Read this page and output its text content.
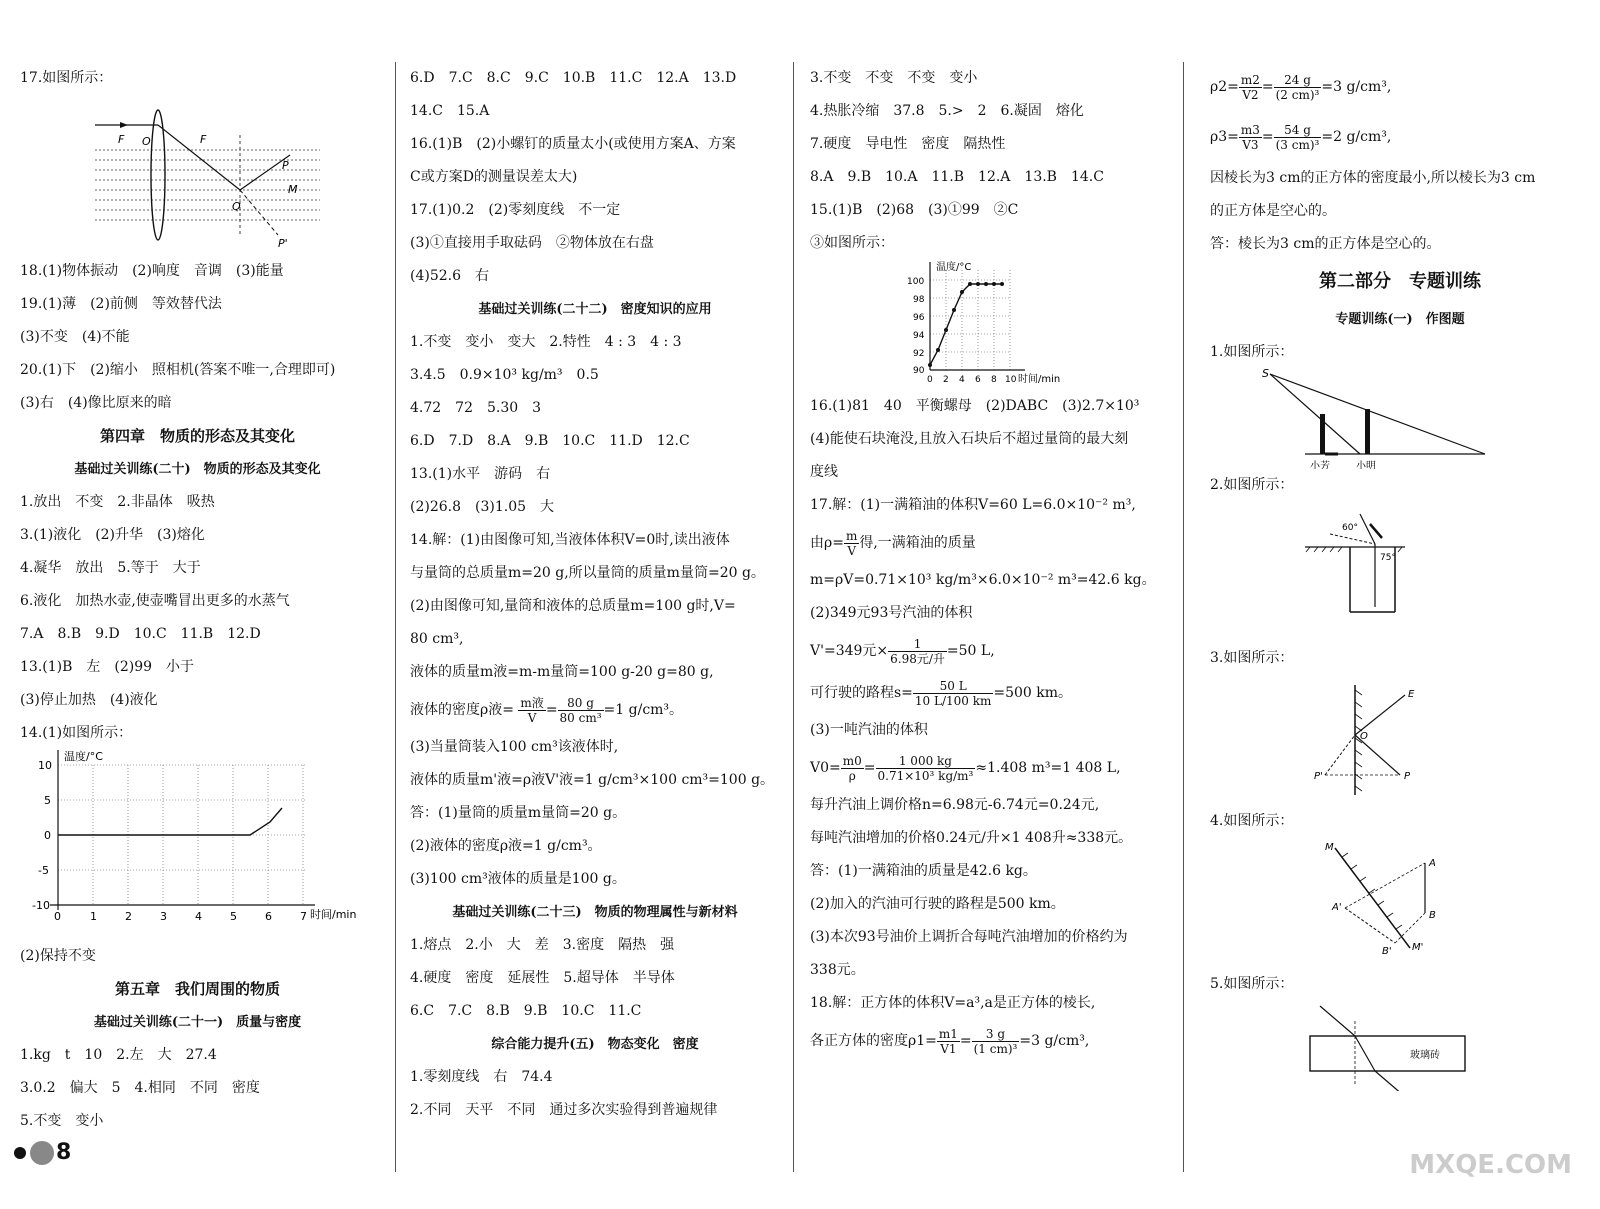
17.如图所示：
F O	F
P
M
Q
P'
18.(1)物体振动　(2)响度　音调　(3)能量
19.(1)薄　(2)前侧　等效替代法
(3)不变　(4)不能
20.(1)下　(2)缩小　照相机(答案不唯一,合理即可)
(3)右　(4)像比原来的暗
第四章　物质的形态及其变化
基础过关训练(二十)　物质的形态及其变化
1.放出　不变　2.非晶体　吸热
3.(1)液化　(2)升华　(3)熔化
4.凝华　放出　5.等于　大于
6.液化　加热水壶,使壶嘴冒出更多的水蒸气
7.A　8.B　9.D　10.C　11.B　12.D
13.(1)B　左　(2)99　小于
(3)停止加热　(4)液化
14.(1)如图所示：
温度/°C
时间/min
10
5
0
-5
-10
0	1	2	3	4	5	6	7
(2)保持不变
第五章　我们周围的物质
基础过关训练(二十一)　质量与密度
1.kg　t　10　2.左　大　27.4
3.0.2　偏大　5　4.相同　不同　密度
5.不变　变小
6.D　7.C　8.C　9.C　10.B　11.C　12.A　13.D
14.C　15.A
16.(1)B　(2)小螺钉的质量太小(或使用方案A、方案
C或方案D的测量误差太大)
17.(1)0.2　(2)零刻度线　不一定
(3)①直接用手取砝码　②物体放在右盘
(4)52.6　右
基础过关训练(二十二)　密度知识的应用
1.不变　变小　变大　2.特性　4 : 3　4 : 3
3.4.5　0.9×10³ kg/m³　0.5
4.72　72　5.30　3
6.D　7.D　8.A　9.B　10.C　11.D　12.C
13.(1)水平　游码　右
(2)26.8　(3)1.05　大
14.解：(1)由图像可知,当液体体积V=0时,读出液体
与量筒的总质量m=20 g,所以量筒的质量m量筒=20 g。
(2)由图像可知,量筒和液体的总质量m=100 g时,V=
80 cm³,
液体的质量m液=m-m量筒=100 g-20 g=80 g,
液体的密度ρ液= $\frac{\text{m液}}{V} = \frac{80 g}{\text{80 cm³}} =1$ g/cm³。
(3)当量筒装入100 cm³该液体时,
液体的质量m'液=ρ液V'液=1 g/cm³×100 cm³=100 g。
答：(1)量筒的质量m量筒=20 g。
(2)液体的密度ρ液=1 g/cm³。
(3)100 cm³液体的质量是100 g。
基础过关训练(二十三)　物质的物理属性与新材料
1.熔点　2.小　大　差　3.密度　隔热　强
4.硬度　密度　延展性　5.超导体　半导体
6.C　7.C　8.B　9.B　10.C　11.C
综合能力提升(五)　物态变化　密度
1.零刻度线　右　74.4
2.不同　天平　不同　通过多次实验得到普遍规律
3.不变　不变　不变　变小
4.热胀冷缩　37.8　5.>　2　6.凝固　熔化
7.硬度　导电性　密度　隔热性
8.A　9.B　10.A　11.B　12.A　13.B　14.C
15.(1)B　(2)68　(3)①99　②C
③如图所示：
温度/°C
时间/min
100
98
96
94
92
90
0 2 4 6 8 10
16.(1)81　40　平衡螺母　(2)DABC　(3)2.7×10³
(4)能使石块淹没,且放入石块后不超过量筒的最大刻
度线
17.解：(1)一满箱油的体积V=60 L=6.0×10⁻² m³,
由$\rho= \frac{m}{V}$ 得,一满箱油的质量
m=ρV=0.71×10³ kg/m³×6.0×10⁻² m³=42.6 kg。
(2)349元93号汽油的体积
V'=349元× $\frac{1}{\text{6.98元/升}} =50$ L,
可行驶的路程$s= \frac{50 L}{10 L/100 km} =500$ km。
(3)一吨汽油的体积
$V0= \frac{m0}{\rho} = \frac{1 000 kg}{\text{0.71×10³ kg/m³}} \approx 1.408$ m³=1 408 L,
每升汽油上调价格n=6.98元-6.74元=0.24元,
每吨汽油增加的价格0.24元/升×1 408升≈338元。
答：(1)一满箱油的质量是42.6 kg。
(2)加入的汽油可行驶的路程是500 km。
(3)本次93号油价上调折合每吨汽油增加的价格约为
338元。
18.解：正方体的体积V=a³,a是正方体的棱长,
各正方体的密度$\rho 1= \frac{m1}{V1} = \frac{3 g}{\text{(1 cm)³}} =3$ g/cm³,
$\rho 2= \frac{m2}{V2} = \frac{24 g}{\text{(2 cm)³}} =3$ g/cm³,
$\rho 3= \frac{m3}{V3} = \frac{54 g}{\text{(3 cm)³}} =2$ g/cm³,
因棱长为3 cm的正方体的密度最小,所以棱长为3 cm
的正方体是空心的。
答：棱长为3 cm的正方体是空心的。
第二部分　专题训练
专题训练(一)　作图题
1.如图所示：
S
小芳	小明
2.如图所示：
60°
75°
3.如图所示：
E
O
P
P'
4.如图所示：
M
A
B
A'
B' M'
5.如图所示：
玻璃砖
8	MXQE.COM
